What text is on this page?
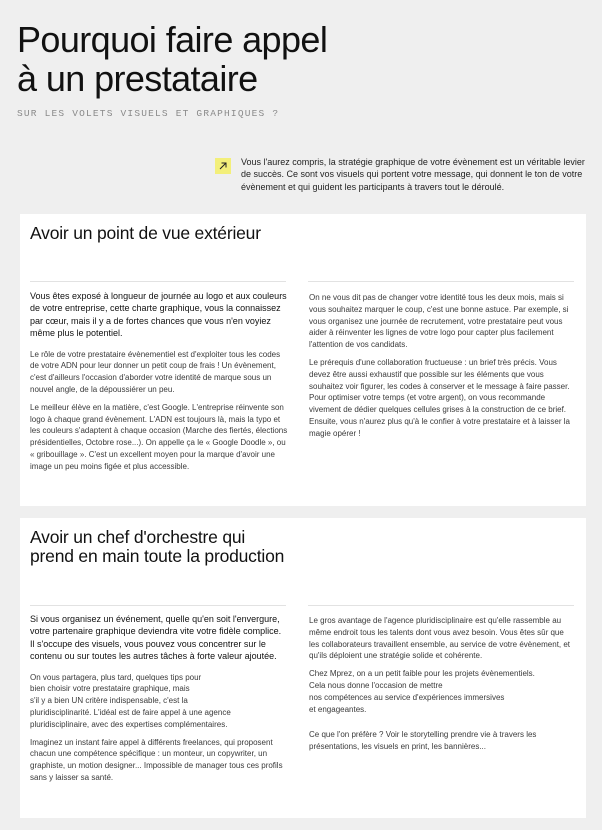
Pourquoi faire appel
à un prestataire
SUR LES VOLETS VISUELS ET GRAPHIQUES ?

Vous l'aurez compris, la stratégie graphique de votre évènement est un véritable levier de succès. Ce sont vos visuels qui portent votre message, qui donnent le ton de votre évènement et qui guident les participants à travers tout le déroulé.

Avoir un point de vue extérieur

Vous êtes exposé à longueur de journée au logo et aux couleurs de votre entreprise, cette charte graphique, vous la connaissez par cœur, mais il y a de fortes chances que vous n'en voyiez même plus le potentiel.

Le rôle de votre prestataire évènementiel est d'exploiter tous les codes de votre ADN pour leur donner un petit coup de frais ! Un évènement, c'est d'ailleurs l'occasion d'aborder votre identité de marque sous un nouvel angle, de la dépoussiérer un peu.

Le meilleur élève en la matière, c'est Google. L'entreprise réinvente son logo à chaque grand évènement. L'ADN est toujours là, mais la typo et les couleurs s'adaptent à chaque occasion (Marche des fiertés, élections présidentielles, Octobre rose...). On appelle ça le « Google Doodle », ou « gribouillage ». C'est un excellent moyen pour la marque d'avoir une image un peu moins figée et plus accessible.

On ne vous dit pas de changer votre identité tous les deux mois, mais si vous souhaitez marquer le coup, c'est une bonne astuce. Par exemple, si vous organisez une journée de recrutement, votre prestataire peut vous aider à réinventer les lignes de votre logo pour capter plus facilement l'attention de vos candidats.

Le prérequis d'une collaboration fructueuse : un brief très précis. Vous devez être aussi exhaustif que possible sur les éléments que vous souhaitez voir figurer, les codes à conserver et le message à faire passer. Pour optimiser votre temps (et votre argent), on vous recommande vivement de dédier quelques cellules grises à la construction de ce brief. Ensuite, vous n'aurez plus qu'à le confier à votre prestataire et à laisser la magie opérer !

Avoir un chef d'orchestre qui
prend en main toute la production

Si vous organisez un événement, quelle qu'en soit l'envergure, votre partenaire graphique deviendra vite votre fidèle complice. Il s'occupe des visuels, vous pouvez vous concentrer sur le contenu ou sur toutes les autres tâches à forte valeur ajoutée.

On vous partagera, plus tard, quelques tips pour
bien choisir votre prestataire graphique, mais
s'il y a bien UN critère indispensable, c'est la
pluridisciplinarité. L'idéal est de faire appel à une agence
pluridisciplinaire, avec des expertises complémentaires.

Imaginez un instant faire appel à différents freelances, qui proposent chacun une compétence spécifique : un monteur, un copywriter, un graphiste, un motion designer... Impossible de manager tous ces profils sans y laisser sa santé.

Le gros avantage de l'agence pluridisciplinaire est qu'elle rassemble au même endroit tous les talents dont vous avez besoin. Vous êtes sûr que les collaborateurs travaillent ensemble, au service de votre évènement, et qu'ils déploient une stratégie solide et cohérente.

Chez Mprez, on a un petit faible pour les projets évènementiels.
Cela nous donne l'occasion de mettre
nos compétences au service d'expériences immersives
et engageantes.

Ce que l'on préfère ? Voir le storytelling prendre vie à travers les présentations, les visuels en print, les bannières...
